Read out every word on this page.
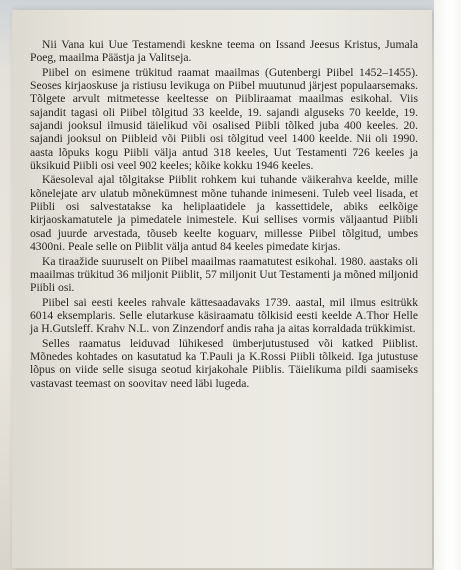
Nii Vana kui Uue Testamendi keskne teema on Issand Jeesus Kristus, Jumala Poeg, maailma Päästja ja Valitseja.

Piibel on esimene trükitud raamat maailmas (Gutenbergi Piibel 1452–1455). Seoses kirjaoskuse ja ristiusu levikuga on Piibel muutunud järjest populaarsemaks. Tõlgete arvult mitmetesse keeltesse on Piibliraamat maailmas esikohal. Viis sajandit tagasi oli Piibel tõlgitud 33 keelde, 19. sajandi alguseks 70 keelde, 19. sajandi jooksul ilmusid täielikud või osalised Piibli tõlked juba 400 keeles. 20. sajandi jooksul on Piibleid või Piibli osi tõlgitud veel 1400 keelde. Nii oli 1990. aasta lõpuks kogu Piibli välja antud 318 keeles, Uut Testamenti 726 keeles ja üksikuid Piibli osi veel 902 keeles; kõike kokku 1946 keeles.

Käesoleval ajal tõlgitakse Piiblit rohkem kui tuhande väikerahva keelde, mille kõnelejate arv ulatub mõnekümnest mõne tuhande inimeseni. Tuleb veel lisada, et Piibli osi salvestatakse ka heliplaatidele ja kassettidele, abiks eelkõige kirjaoskamatutele ja pimedatele inimestele. Kui sellises vormis väljaantud Piibli osad juurde arvestada, tõuseb keelte koguarv, millesse Piibel tõlgitud, umbes 4300ni. Peale selle on Piiblit välja antud 84 keeles pimedate kirjas.

Ka tiraažide suuruselt on Piibel maailmas raamatutest esikohal. 1980. aastaks oli maailmas trükitud 36 miljonit Piiblit, 57 miljonit Uut Testamenti ja mõned miljonid Piibli osi.

Piibel sai eesti keeles rahvale kättesaadavaks 1739. aastal, mil ilmus esitrükk 6014 eksemplaris. Selle elutarkuse käsiraamatu tõlkisid eesti keelde A.Thor Helle ja H.Gutsleff. Krahv N.L. von Zinzendorf andis raha ja aitas korraldada trükkimist.

Selles raamatus leiduvad lühikesed ümberjutustused või katked Piiblist. Mõnedes kohtades on kasutatud ka T.Pauli ja K.Rossi Piibli tõlkeid. Iga jutustuse lõpus on viide selle sisuga seotud kirjakohale Piiblis. Täielikuma pildi saamiseks vastavast teemast on soovitav need läbi lugeda.
